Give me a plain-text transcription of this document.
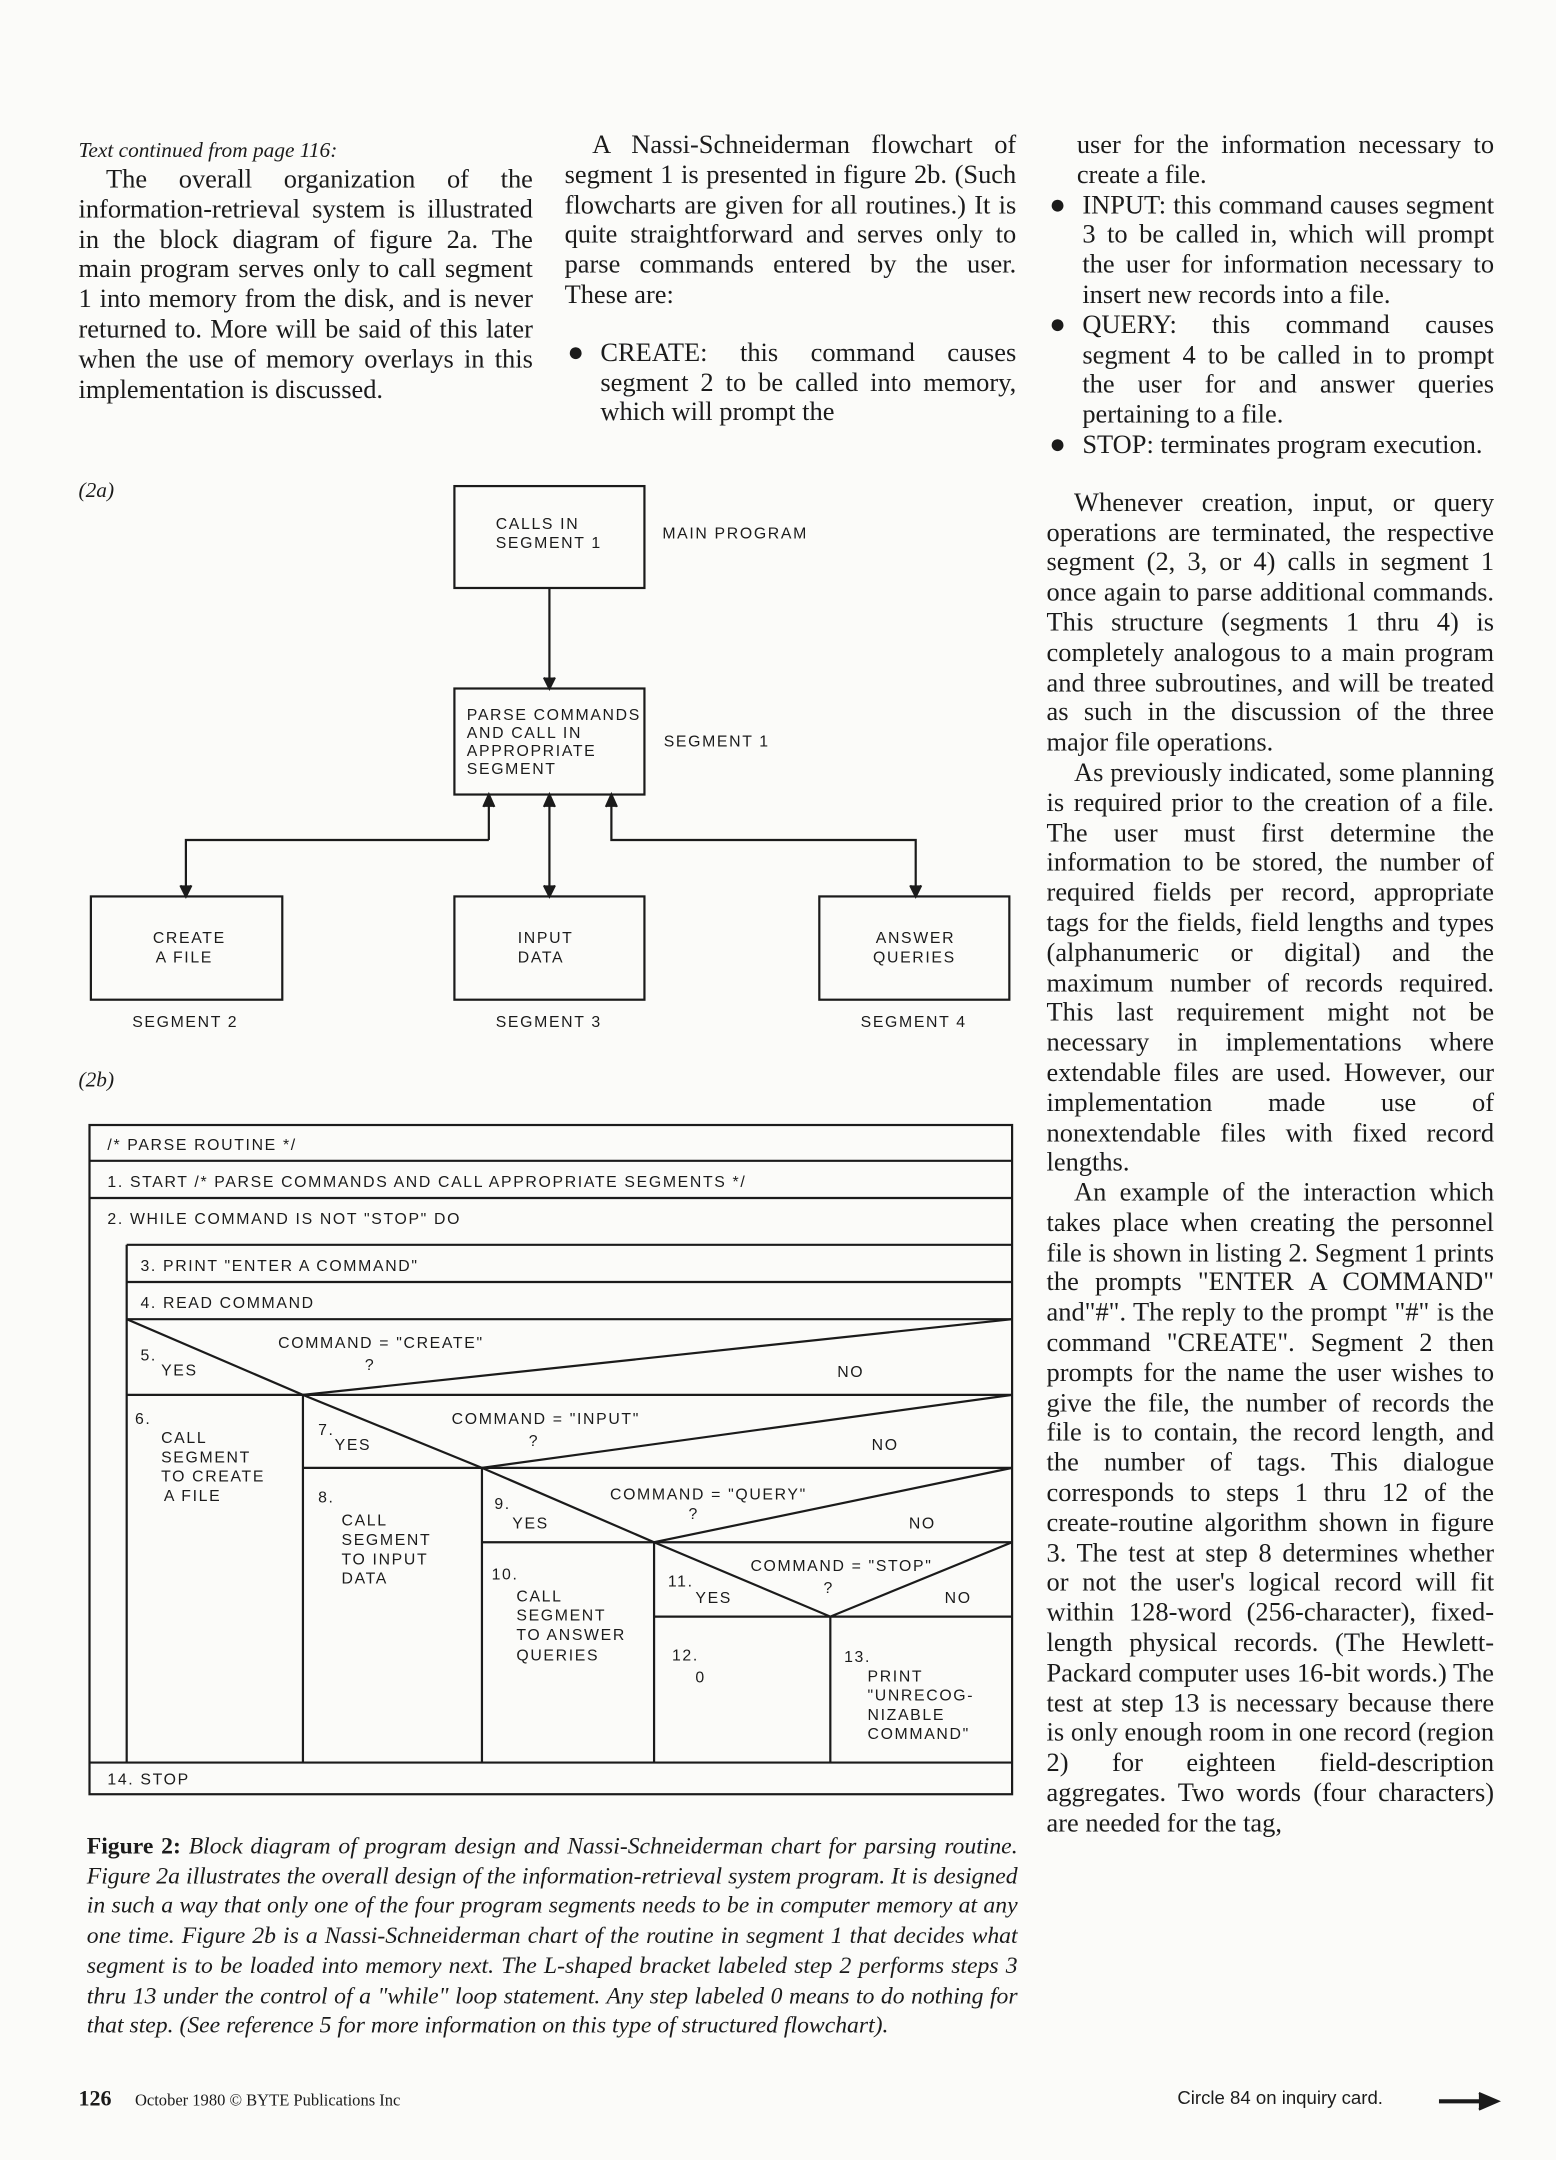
Text continued from page 116:

The overall organization of the information-retrieval system is illustrated in the block diagram of figure 2a. The main program serves only to call segment 1 into memory from the disk, and is never returned to. More will be said of this later when the use of memory overlays in this implementation is discussed.

A Nassi-Schneiderman flowchart of segment 1 is presented in figure 2b. (Such flowcharts are given for all routines.) It is quite straightforward and serves only to parse commands entered by the user. These are:

● CREATE: this command causes segment 2 to be called into memory, which will prompt the

user for the information necessary to create a file.

● INPUT: this command causes segment 3 to be called in, which will prompt the user for information necessary to insert new records into a file.
● QUERY: this command causes segment 4 to be called in to prompt the user for and answer queries pertaining to a file.
● STOP: terminates program execution.

Whenever creation, input, or query operations are terminated, the respective segment (2, 3, or 4) calls in segment 1 once again to parse additional commands. This structure (segments 1 thru 4) is completely analogous to a main program and three subroutines, and will be treated as such in the discussion of the three major file operations.

As previously indicated, some planning is required prior to the creation of a file. The user must first determine the information to be stored, the number of required fields per record, appropriate tags for the fields, field lengths and types (alphanumeric or digital) and the maximum number of records required. This last requirement might not be necessary in implementations where extendable files are used. However, our implementation made use of nonextendable files with fixed record lengths.

An example of the interaction which takes place when creating the personnel file is shown in listing 2. Segment 1 prints the prompts "ENTER A COMMAND" and"#". The reply to the prompt "#" is the command "CREATE". Segment 2 then prompts for the name the user wishes to give the file, the number of records the file is to contain, the record length, and the number of tags. This dialogue corresponds to steps 1 thru 12 of the create-routine algorithm shown in figure 3. The test at step 8 determines whether or not the user's logical record will fit within 128-word (256-character), fixed-length physical records. (The Hewlett-Packard computer uses 16-bit words.) The test at step 13 is necessary because there is only enough room in one record (region 2) for eighteen field-description aggregates. Two words (four characters) are needed for the tag,

(2a)
(2b)
CALLS IN
SEGMENT 1
MAIN PROGRAM
PARSE COMMANDS
AND CALL IN
APPROPRIATE
SEGMENT
SEGMENT 1
CREATE
A FILE
INPUT
DATA
ANSWER
QUERIES
SEGMENT 2	SEGMENT 3	SEGMENT 4
/* PARSE ROUTINE */
1. START /* PARSE COMMANDS AND CALL APPROPRIATE SEGMENTS */
2. WHILE COMMAND IS NOT "STOP" DO
3. PRINT "ENTER A COMMAND"
4. READ COMMAND
5.
YES
COMMAND = "CREATE"
?	NO
6.
CALL
SEGMENT
TO CREATE
A FILE
7.
YES
COMMAND = "INPUT"
?	NO
8.
CALL
SEGMENT
TO INPUT
DATA
9.
YES
COMMAND = "QUERY"
?
NO
10.
CALL
SEGMENT
TO ANSWER
QUERIES
11.
YES
COMMAND = "STOP"
?
NO
12.
0
13.
PRINT
"UNRECOG-
NIZABLE
COMMAND"
14. STOP
Figure 2: Block diagram of program design and Nassi-Schneiderman chart for parsing routine. Figure 2a illustrates the overall design of the information-retrieval system program. It is designed in such a way that only one of the four program segments needs to be in computer memory at any one time. Figure 2b is a Nassi-Schneiderman chart of the routine in segment 1 that decides what segment is to be loaded into memory next. The L-shaped bracket labeled step 2 performs steps 3 thru 13 under the control of a "while" loop statement. Any step labeled 0 means to do nothing for that step. (See reference 5 for more information on this type of structured flowchart).
126 October 1980 © BYTE Publications Inc	Circle 84 on inquiry card.
